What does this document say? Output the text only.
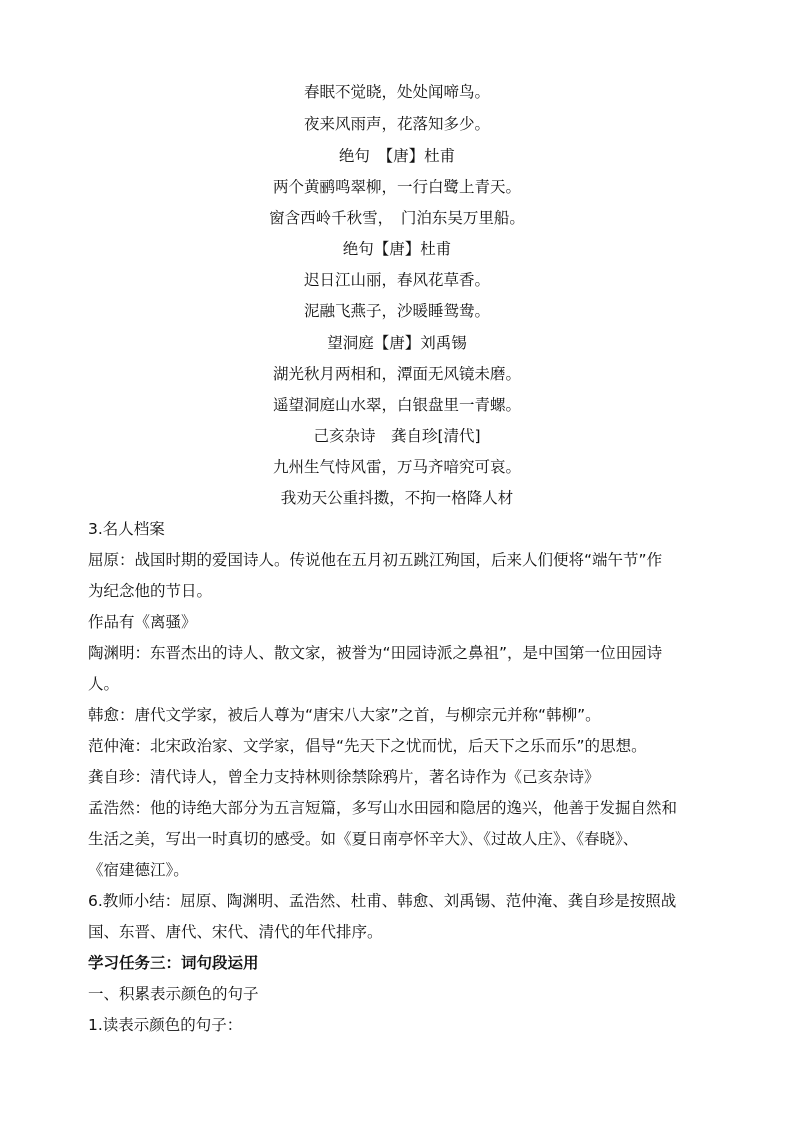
春眠不觉晓，处处闻啼鸟。
夜来风雨声，花落知多少。
绝句　【唐】杜甫
两个黄鹂鸣翠柳，一行白鹭上青天。
窗含西岭千秋雪，　门泊东吴万里船。
绝句【唐】杜甫
迟日江山丽，春风花草香。
泥融飞燕子，沙暖睡鸳鸯。
望洞庭【唐】刘禹锡
湖光秋月两相和，潭面无风镜未磨。
遥望洞庭山水翠，白银盘里一青螺。
己亥杂诗　龚自珍[清代]
九州生气恃风雷，万马齐喑究可哀。
我劝天公重抖擞，不拘一格降人材
3.名人档案
屈原：战国时期的爱国诗人。传说他在五月初五跳江殉国，后来人们便将“端午节”作
为纪念他的节日。
作品有《离骚》
陶渊明：东晋杰出的诗人、散文家，被誉为“田园诗派之鼻祖”，是中国第一位田园诗
人。
韩愈：唐代文学家，被后人尊为“唐宋八大家”之首，与柳宗元并称“韩柳”。
范仲淹：北宋政治家、文学家，倡导“先天下之忧而忧，后天下之乐而乐”的思想。
龚自珍：清代诗人，曾全力支持林则徐禁除鸦片，著名诗作为《己亥杂诗》
孟浩然：他的诗绝大部分为五言短篇，多写山水田园和隐居的逸兴，他善于发掘自然和
生活之美，写出一时真切的感受。如《夏日南亭怀辛大》、《过故人庄》、《春晓》、
《宿建德江》。
6.教师小结：屈原、陶渊明、孟浩然、杜甫、韩愈、刘禹锡、范仲淹、龚自珍是按照战
国、东晋、唐代、宋代、清代的年代排序。
学习任务三：词句段运用
一、积累表示颜色的句子
1.读表示颜色的句子：
